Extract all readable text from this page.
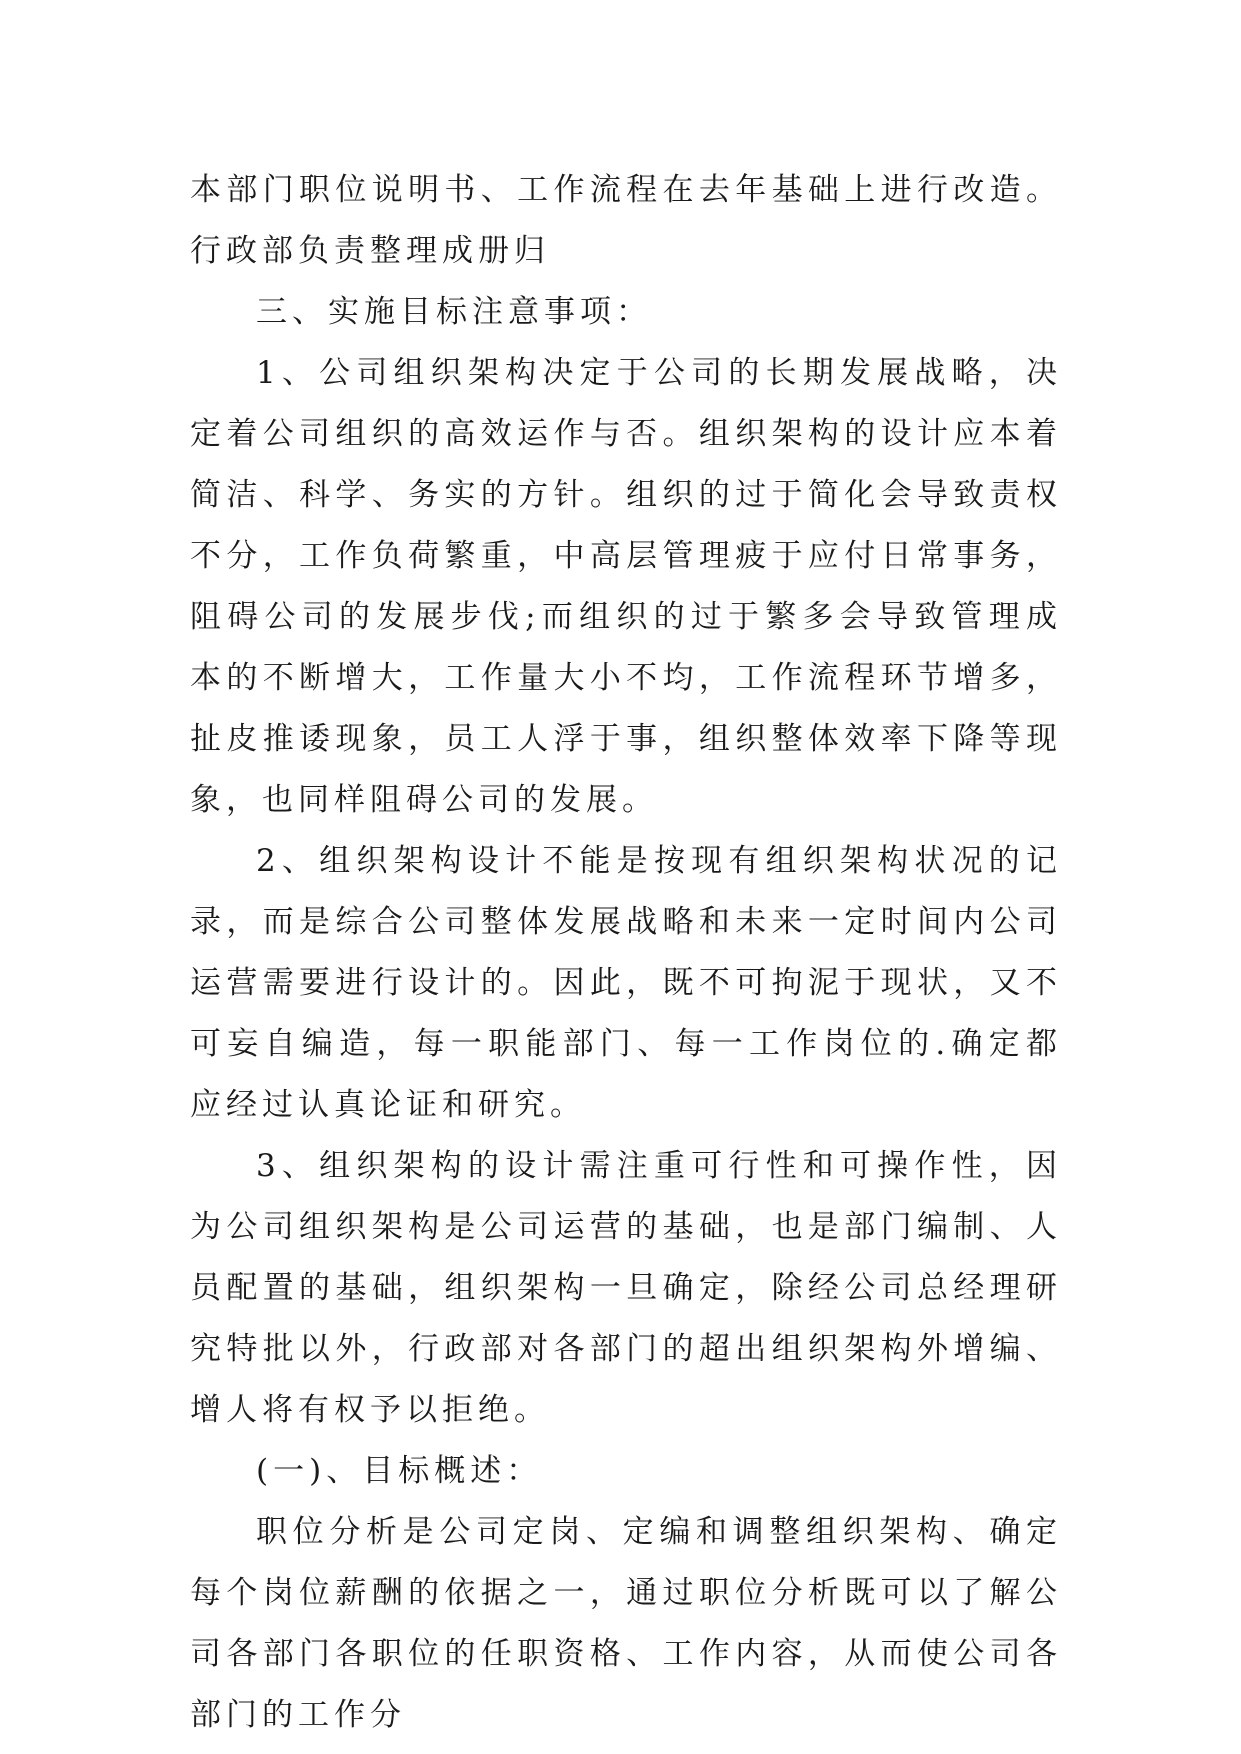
本部门职位说明书、工作流程在去年基础上进行改造。行政部负责整理成册归

三、实施目标注意事项：

1、公司组织架构决定于公司的长期发展战略，决定着公司组织的高效运作与否。组织架构的设计应本着简洁、科学、务实的方针。组织的过于简化会导致责权不分，工作负荷繁重，中高层管理疲于应付日常事务，阻碍公司的发展步伐;而组织的过于繁多会导致管理成本的不断增大，工作量大小不均，工作流程环节增多，扯皮推诿现象，员工人浮于事，组织整体效率下降等现象，也同样阻碍公司的发展。

2、组织架构设计不能是按现有组织架构状况的记录，而是综合公司整体发展战略和未来一定时间内公司运营需要进行设计的。因此，既不可拘泥于现状，又不可妄自编造，每一职能部门、每一工作岗位的.确定都应经过认真论证和研究。

3、组织架构的设计需注重可行性和可操作性，因为公司组织架构是公司运营的基础，也是部门编制、人员配置的基础，组织架构一旦确定，除经公司总经理研究特批以外，行政部对各部门的超出组织架构外增编、增人将有权予以拒绝。

(一)、目标概述：

职位分析是公司定岗、定编和调整组织架构、确定每个岗位薪酬的依据之一，通过职位分析既可以了解公司各部门各职位的任职资格、工作内容，从而使公司各部门的工作分
